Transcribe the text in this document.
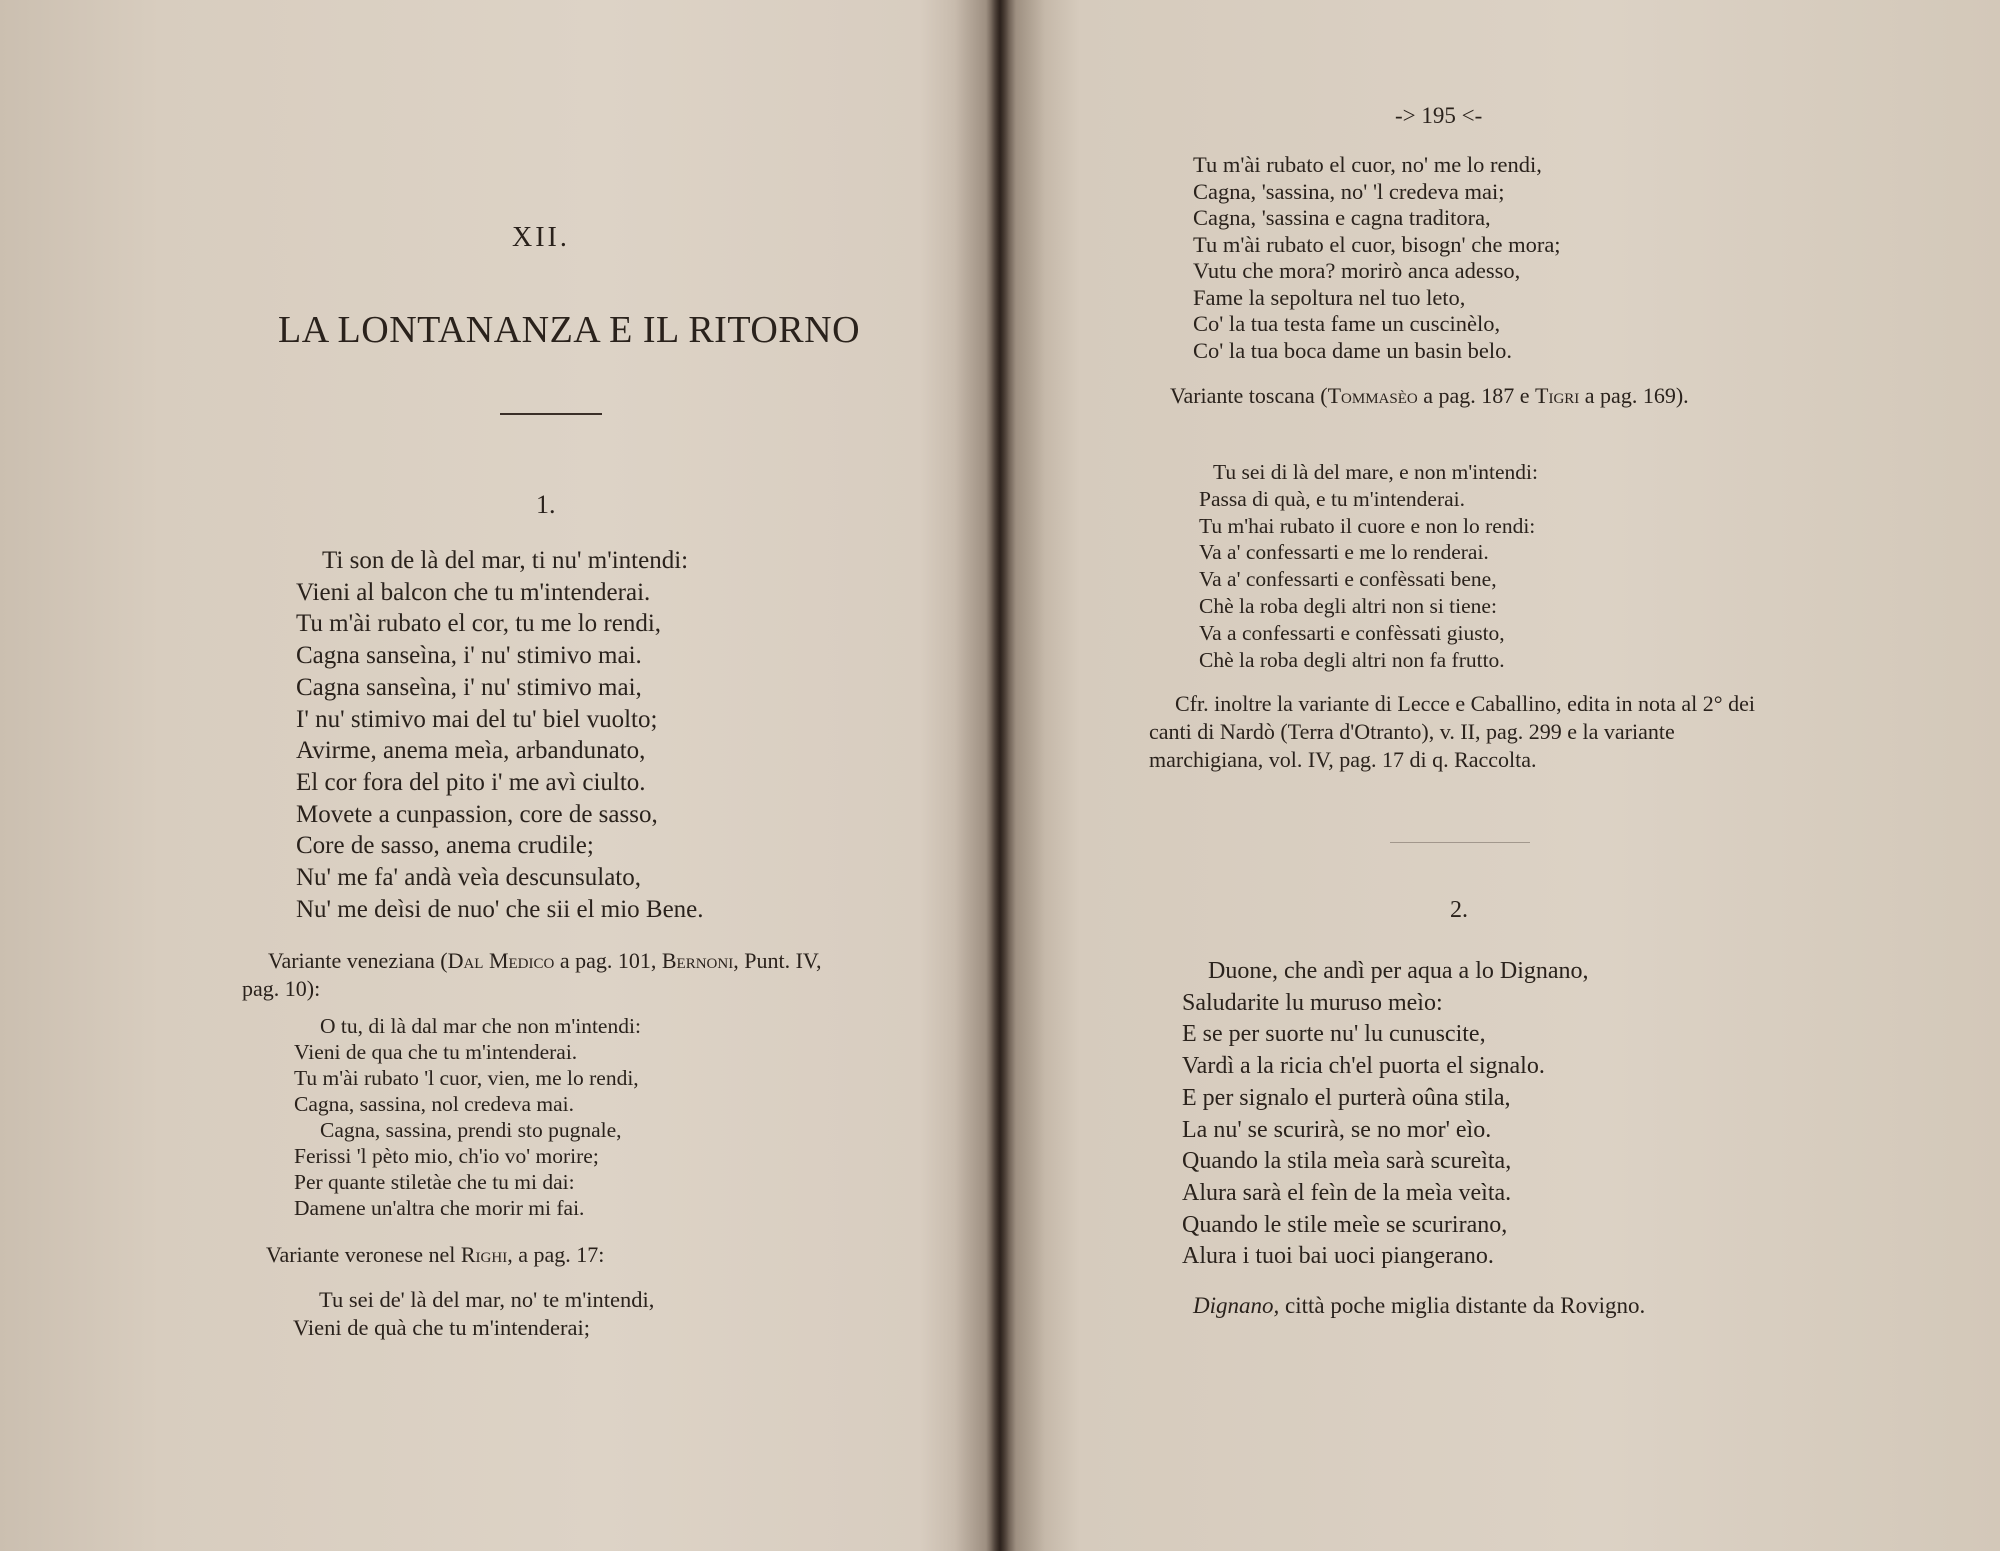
XII.
LA LONTANANZA E IL RITORNO
1.
Ti son de là del mar, ti nu' m'intendi:
Vieni al balcon che tu m'intenderai.
Tu m'ài rubato el cor, tu me lo rendi,
Cagna sanseìna, i' nu' stimivo mai.
Cagna sanseìna, i' nu' stimivo mai,
I' nu' stimivo mai del tu' biel vuolto;
Avirme, anema meìa, arbandunato,
El cor fora del pito i' me avì ciulto.
Movete a cunpassion, core de sasso,
Core de sasso, anema crudile;
Nu' me fa' andà veìa descunsulato,
Nu' me deìsi de nuo' che sii el mio Bene.
Variante veneziana (Dal Medico a pag. 101, Bernoni, Punt. IV, pag. 10):
O tu, di là dal mar che non m'intendi:
Vieni de qua che tu m'intenderai.
Tu m'ài rubato 'l cuor, vien, me lo rendi,
Cagna, sassina, nol credeva mai.
Cagna, sassina, prendi sto pugnale,
Ferissi 'l pèto mio, ch'io vo' morire;
Per quante stiletàe che tu mi dai:
Damene un'altra che morir mi fai.
Variante veronese nel Righi, a pag. 17:
Tu sei de' là del mar, no' te m'intendi,
Vieni de quà che tu m'intenderai;
-> 195 <-
Tu m'ài rubato el cuor, no' me lo rendi,
Cagna, 'sassina, no' 'l credeva mai;
Cagna, 'sassina e cagna traditora,
Tu m'ài rubato el cuor, bisogn' che mora;
Vutu che mora? morirò anca adesso,
Fame la sepoltura nel tuo leto,
Co' la tua testa fame un cuscinèlo,
Co' la tua boca dame un basin belo.
Variante toscana (Tommasèo a pag. 187 e Tigri a pag. 169).
Tu sei di là del mare, e non m'intendi:
Passa di quà, e tu m'intenderai.
Tu m'hai rubato il cuore e non lo rendi:
Va a' confessarti e me lo renderai.
Va a' confessarti e confèssati bene,
Chè la roba degli altri non si tiene:
Va a confessarti e confèssati giusto,
Chè la roba degli altri non fa frutto.
Cfr. inoltre la variante di Lecce e Caballino, edita in nota al 2° dei canti di Nardò (Terra d'Otranto), v. II, pag. 299 e la variante marchigiana, vol. IV, pag. 17 di q. Raccolta.
2.
Duone, che andì per aqua a lo Dignano,
Saludarite lu muruso meìo:
E se per suorte nu' lu cunuscite,
Vardì a la ricia ch'el puorta el signalo.
E per signalo el purterà oûna stila,
La nu' se scurirà, se no mor' eìo.
Quando la stila meìa sarà scureìta,
Alura sarà el feìn de la meìa veìta.
Quando le stile meìe se scurirano,
Alura i tuoi bai uoci piangerano.
Dignano, città poche miglia distante da Rovigno.
